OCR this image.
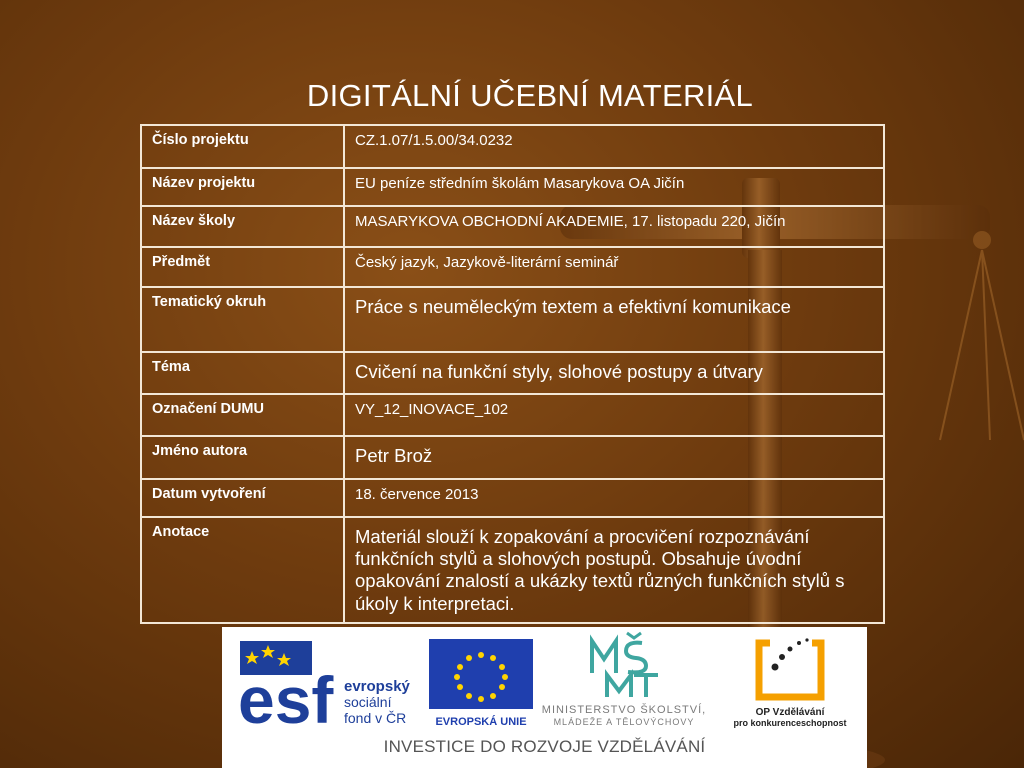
DIGITÁLNÍ UČEBNÍ MATERIÁL
Číslo projektu	CZ.1.07/1.5.00/34.0232
Název projektu	EU peníze středním školám Masarykova OA Jičín
Název školy	MASARYKOVA OBCHODNÍ AKADEMIE, 17. listopadu 220, Jičín
Předmět	Český jazyk, Jazykově-literární seminář
Tematický okruh	Práce s neuměleckým textem a efektivní komunikace
Téma	Cvičení na funkční styly, slohové postupy a útvary
Označení DUMU	VY_12_INOVACE_102
Jméno autora	Petr Brož
Datum vytvoření	18. července 2013
Anotace	Materiál slouží k zopakování a procvičení rozpoznávání funkčních stylů a slohových postupů. Obsahuje úvodní opakování znalostí a ukázky textů různých funkčních stylů s úkoly k interpretaci.
esf evropský
sociální
fond v ČR	EVROPSKÁ UNIE
MINISTERSTVO ŠKOLSTVÍ,
MLÁDEŽE A TĚLOVÝCHOVY
OP Vzdělávání
pro konkurenceschopnost
INVESTICE DO ROZVOJE VZDĚLÁVÁNÍ
